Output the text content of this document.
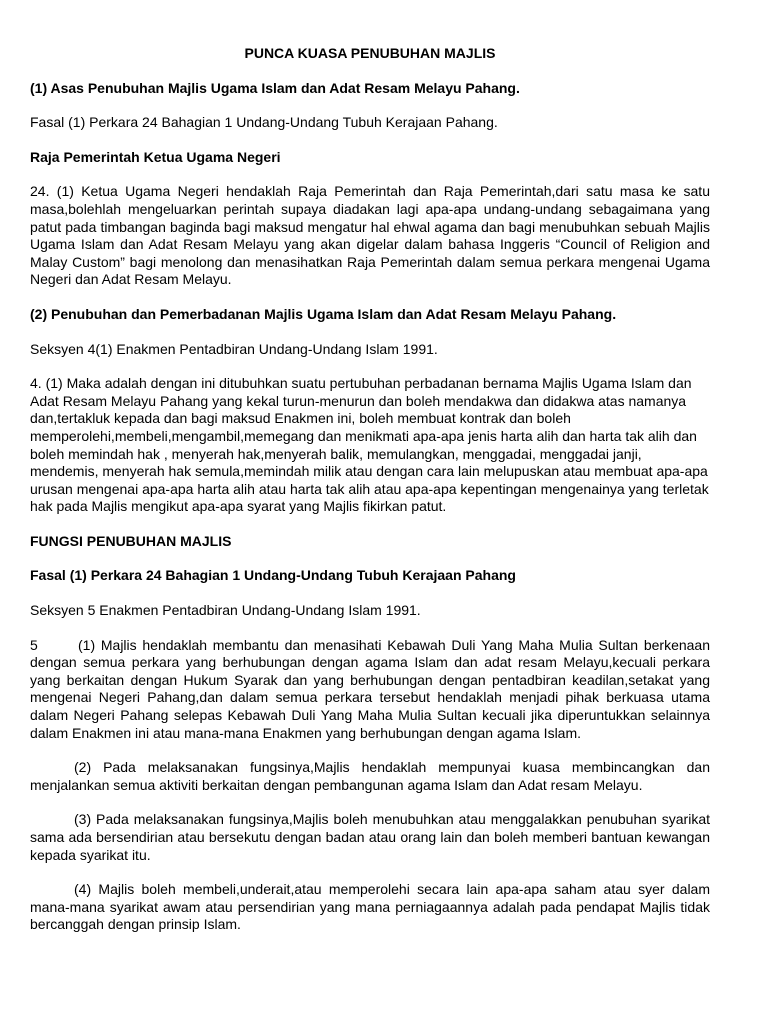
PUNCA KUASA PENUBUHAN MAJLIS
(1) Asas Penubuhan Majlis Ugama Islam dan Adat Resam Melayu Pahang.
Fasal (1) Perkara 24 Bahagian 1 Undang-Undang Tubuh Kerajaan Pahang.
Raja Pemerintah Ketua Ugama Negeri
24. (1) Ketua Ugama Negeri hendaklah Raja Pemerintah dan Raja Pemerintah,dari satu masa ke satu masa,bolehlah mengeluarkan perintah supaya diadakan lagi apa-apa undang-undang sebagaimana yang patut pada timbangan baginda bagi maksud mengatur hal ehwal agama dan bagi menubuhkan sebuah Majlis Ugama Islam dan Adat Resam Melayu yang akan digelar dalam bahasa Inggeris “Council of Religion and Malay Custom” bagi menolong dan menasihatkan Raja Pemerintah dalam semua perkara mengenai Ugama Negeri dan Adat Resam Melayu.
(2) Penubuhan dan Pemerbadanan Majlis Ugama Islam dan Adat Resam Melayu Pahang.
Seksyen 4(1) Enakmen Pentadbiran Undang-Undang Islam 1991.
4. (1) Maka adalah dengan ini ditubuhkan suatu pertubuhan perbadanan bernama Majlis Ugama Islam dan Adat Resam Melayu Pahang yang kekal turun-menurun dan boleh mendakwa dan didakwa atas namanya dan,tertakluk kepada dan bagi maksud Enakmen ini, boleh membuat kontrak dan boleh memperolehi,membeli,mengambil,memegang dan menikmati apa-apa jenis harta alih dan harta tak alih dan boleh memindah hak , menyerah hak,menyerah balik, memulangkan, menggadai, menggadai janji, mendemis, menyerah hak semula,memindah milik atau dengan cara lain melupuskan atau membuat apa-apa urusan mengenai apa-apa harta alih atau harta tak alih atau apa-apa kepentingan mengenainya yang terletak hak pada Majlis mengikut apa-apa syarat yang Majlis fikirkan patut.
FUNGSI PENUBUHAN MAJLIS
Fasal (1) Perkara 24 Bahagian 1 Undang-Undang Tubuh Kerajaan Pahang
Seksyen 5 Enakmen Pentadbiran Undang-Undang Islam 1991.
5	(1) Majlis hendaklah membantu dan menasihati Kebawah Duli Yang Maha Mulia Sultan berkenaan dengan semua perkara yang berhubungan dengan agama Islam dan adat resam Melayu,kecuali perkara yang berkaitan dengan Hukum Syarak dan yang berhubungan dengan pentadbiran keadilan,setakat yang mengenai Negeri Pahang,dan dalam semua perkara tersebut hendaklah menjadi pihak berkuasa utama dalam Negeri Pahang selepas Kebawah Duli Yang Maha Mulia Sultan kecuali jika diperuntukkan selainnya dalam Enakmen ini atau mana-mana Enakmen yang berhubungan dengan agama Islam.
(2) Pada melaksanakan fungsinya,Majlis hendaklah mempunyai kuasa membincangkan dan menjalankan semua aktiviti berkaitan dengan pembangunan agama Islam dan Adat resam Melayu.
(3) Pada melaksanakan fungsinya,Majlis boleh menubuhkan atau menggalakkan penubuhan syarikat sama ada bersendirian atau bersekutu dengan badan atau orang lain dan boleh memberi bantuan kewangan kepada syarikat itu.
(4) Majlis boleh membeli,underait,atau memperolehi secara lain apa-apa saham atau syer dalam mana-mana syarikat awam atau persendirian yang mana perniagaannya adalah pada pendapat Majlis tidak bercanggah dengan prinsip Islam.
